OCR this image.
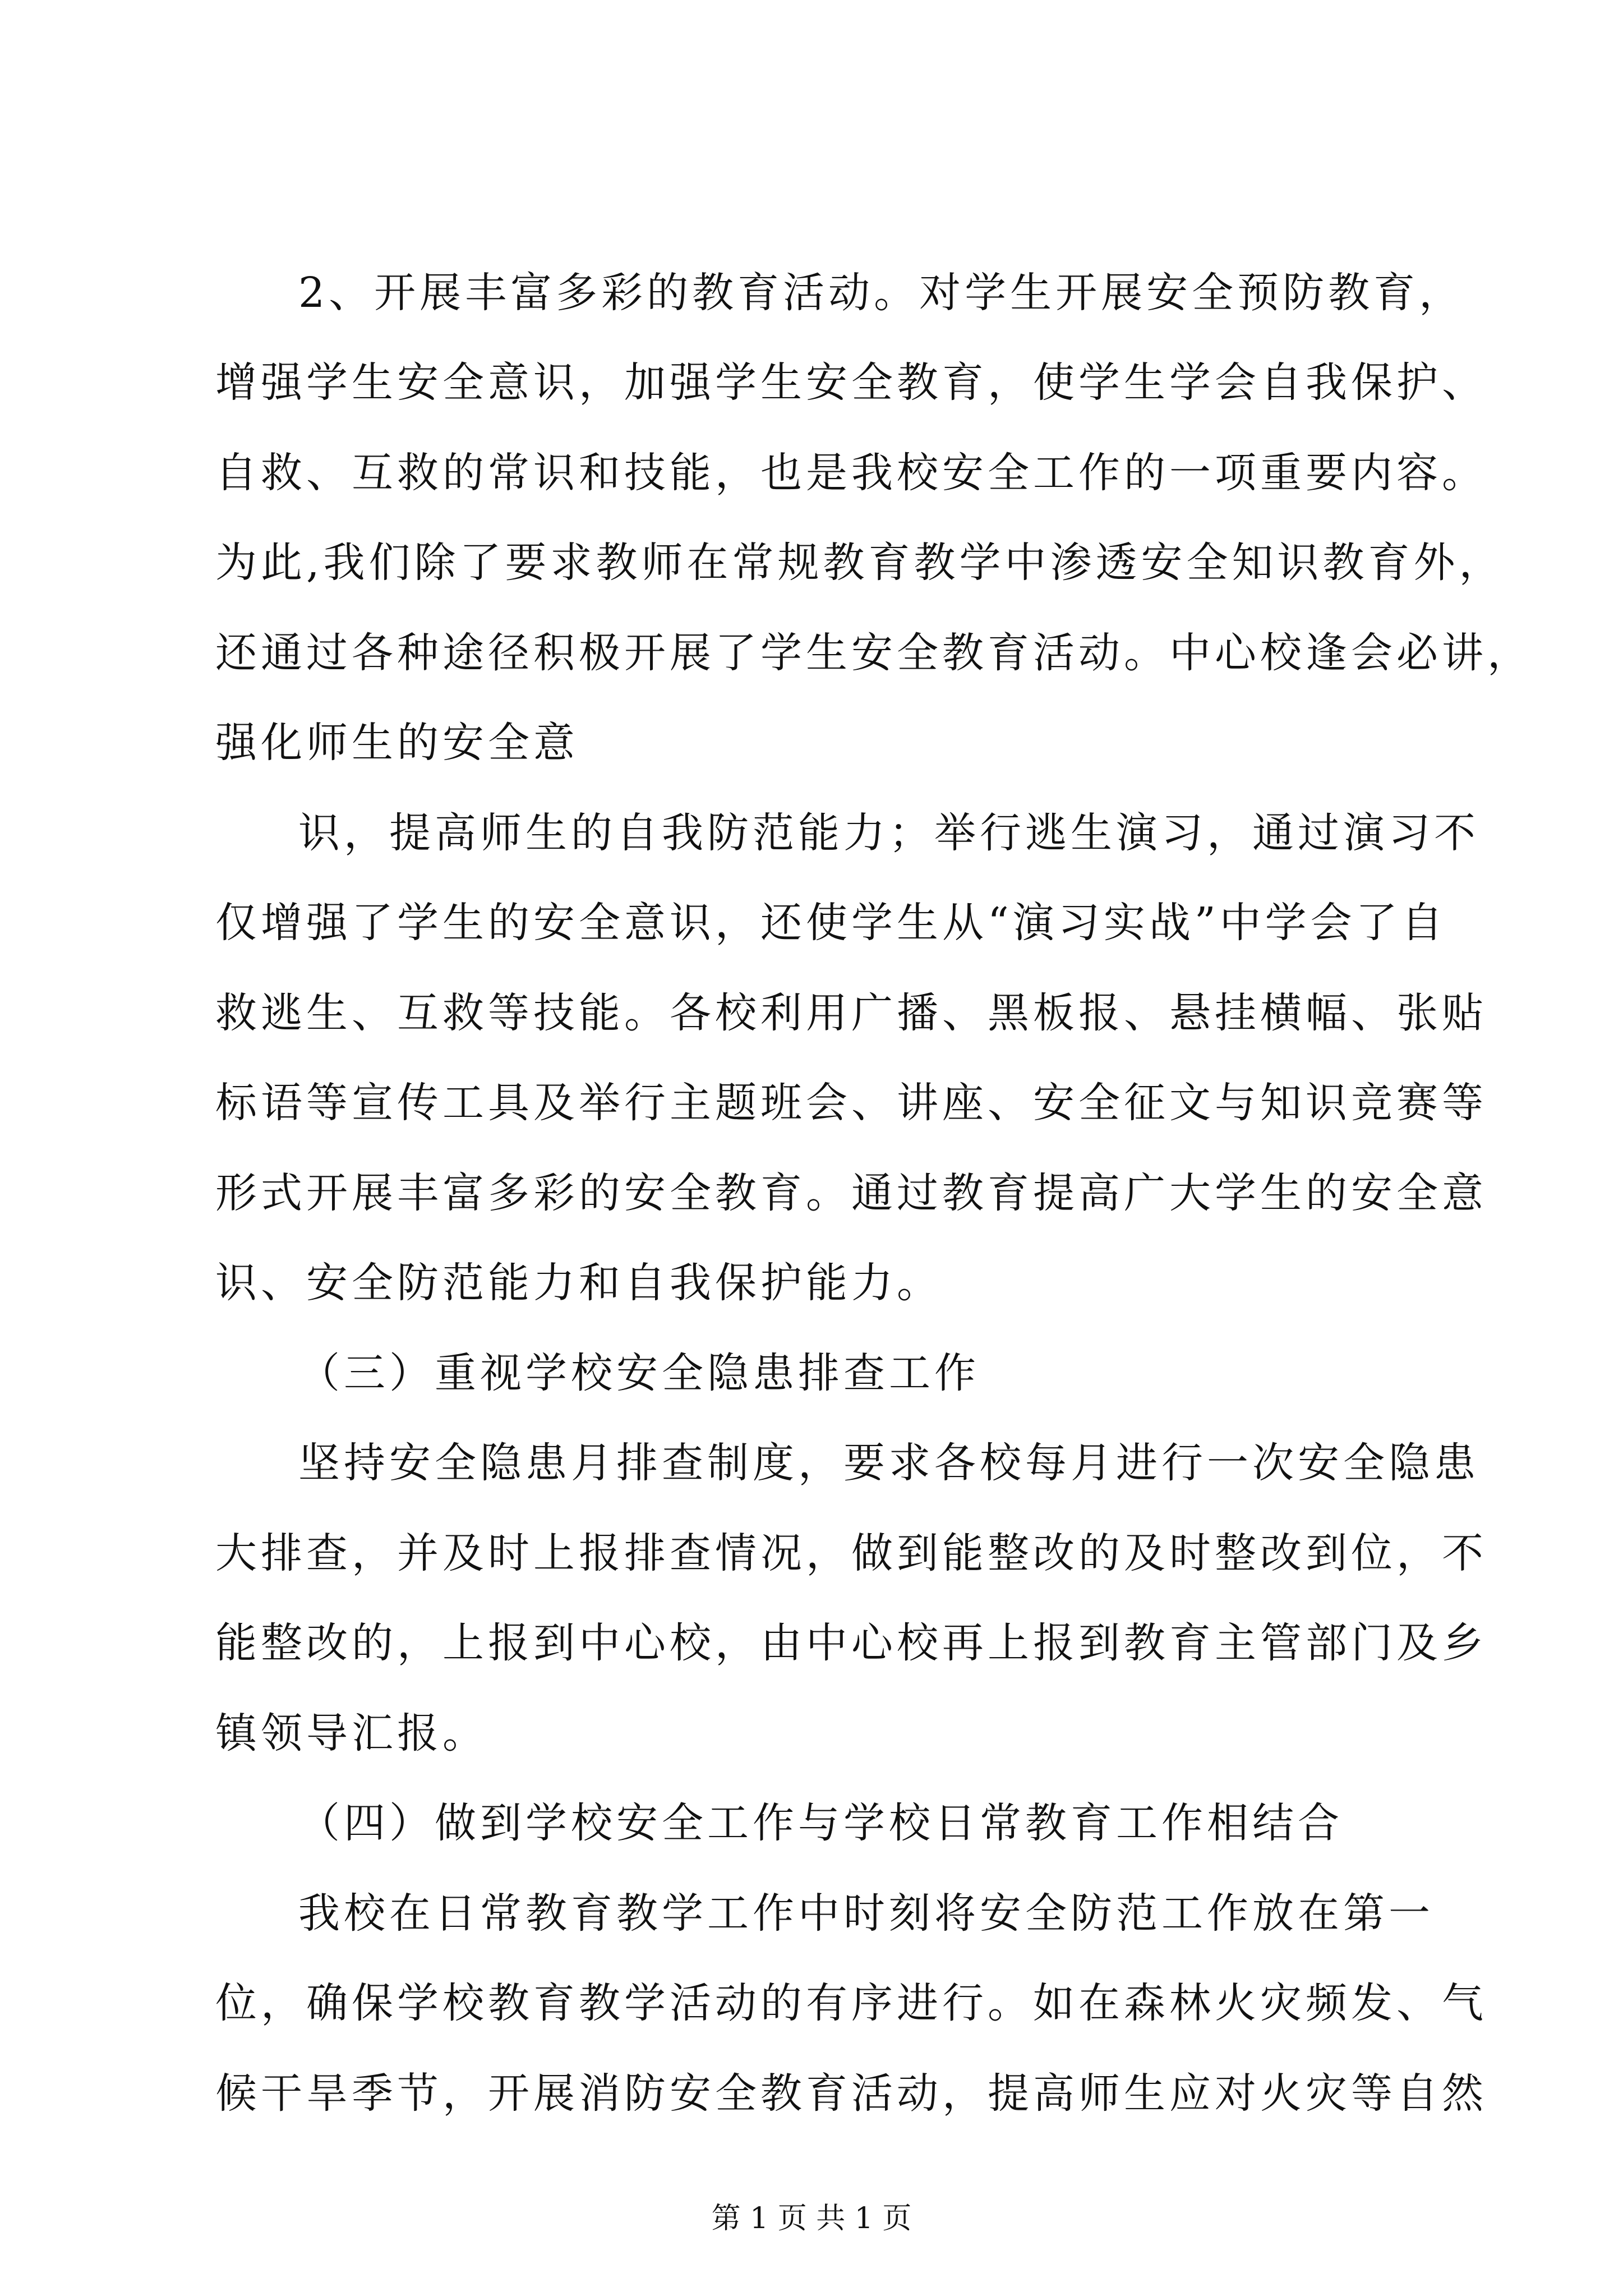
2、开展丰富多彩的教育活动。对学生开展安全预防教育，
增强学生安全意识，加强学生安全教育，使学生学会自我保护、
自救、互救的常识和技能，也是我校安全工作的一项重要内容。
为此,我们除了要求教师在常规教育教学中渗透安全知识教育外，
还通过各种途径积极开展了学生安全教育活动。中心校逢会必讲，
强化师生的安全意
识，提高师生的自我防范能力；举行逃生演习，通过演习不
仅增强了学生的安全意识，还使学生从“演习实战”中学会了自
救逃生、互救等技能。各校利用广播、黑板报、悬挂横幅、张贴
标语等宣传工具及举行主题班会、讲座、安全征文与知识竞赛等
形式开展丰富多彩的安全教育。通过教育提高广大学生的安全意
识、安全防范能力和自我保护能力。
（三）重视学校安全隐患排查工作
坚持安全隐患月排查制度，要求各校每月进行一次安全隐患
大排查，并及时上报排查情况，做到能整改的及时整改到位，不
能整改的，上报到中心校，由中心校再上报到教育主管部门及乡
镇领导汇报。
（四）做到学校安全工作与学校日常教育工作相结合
我校在日常教育教学工作中时刻将安全防范工作放在第一
位，确保学校教育教学活动的有序进行。如在森林火灾频发、气
候干旱季节，开展消防安全教育活动，提高师生应对火灾等自然
第 1 页 共 1 页
